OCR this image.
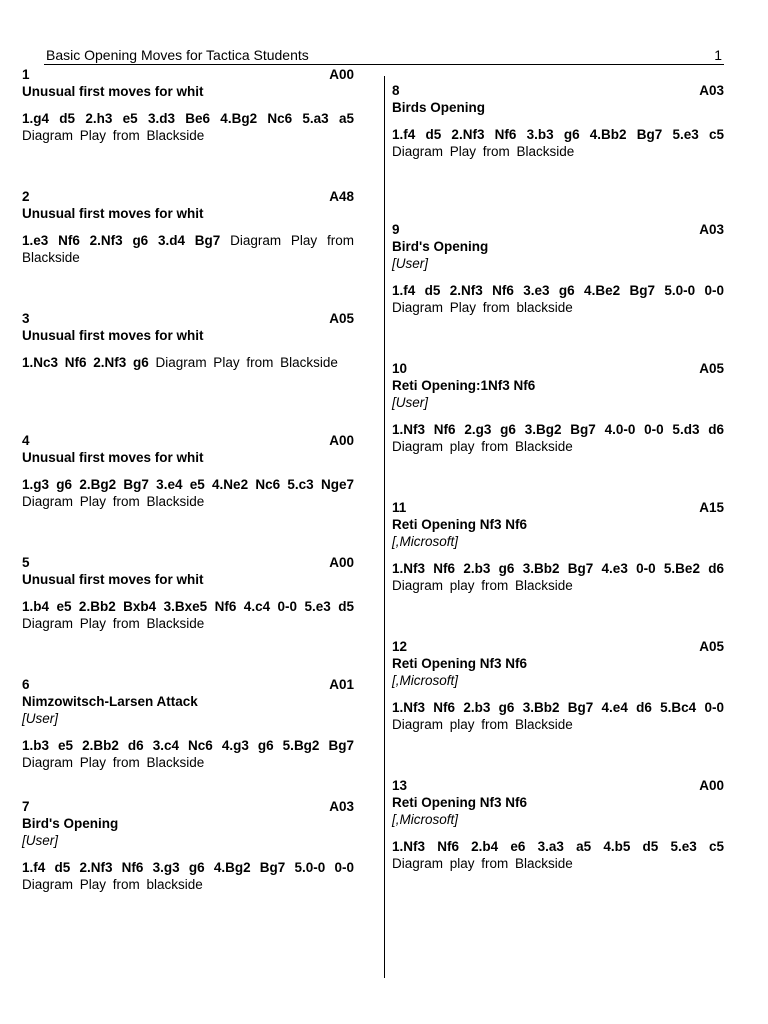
Basic Opening Moves for Tactica Students	1
1	A00
Unusual first moves for whit
1.g4 d5 2.h3 e5 3.d3 Be6 4.Bg2 Nc6 5.a3 a5 Diagram Play from Blackside
2	A48
Unusual first moves for whit
1.e3 Nf6 2.Nf3 g6 3.d4 Bg7 Diagram Play from Blackside
3	A05
Unusual first moves for whit
1.Nc3 Nf6 2.Nf3 g6 Diagram Play from Blackside
4	A00
Unusual first moves for whit
1.g3 g6 2.Bg2 Bg7 3.e4 e5 4.Ne2 Nc6 5.c3 Nge7 Diagram Play from Blackside
5	A00
Unusual first moves for whit
1.b4 e5 2.Bb2 Bxb4 3.Bxe5 Nf6 4.c4 0-0 5.e3 d5 Diagram Play from Blackside
6	A01
Nimzowitsch-Larsen Attack
[User]
1.b3 e5 2.Bb2 d6 3.c4 Nc6 4.g3 g6 5.Bg2 Bg7 Diagram Play from Blackside
7	A03
Bird's Opening
[User]
1.f4 d5 2.Nf3 Nf6 3.g3 g6 4.Bg2 Bg7 5.0-0 0-0 Diagram Play from blackside
8	A03
Birds Opening
1.f4 d5 2.Nf3 Nf6 3.b3 g6 4.Bb2 Bg7 5.e3 c5 Diagram Play from Blackside
9	A03
Bird's Opening
[User]
1.f4 d5 2.Nf3 Nf6 3.e3 g6 4.Be2 Bg7 5.0-0 0-0 Diagram Play from blackside
10	A05
Reti Opening:1Nf3 Nf6
[User]
1.Nf3 Nf6 2.g3 g6 3.Bg2 Bg7 4.0-0 0-0 5.d3 d6 Diagram play from Blackside
11	A15
Reti Opening Nf3 Nf6
[,Microsoft]
1.Nf3 Nf6 2.b3 g6 3.Bb2 Bg7 4.e3 0-0 5.Be2 d6 Diagram play from Blackside
12	A05
Reti Opening Nf3 Nf6
[,Microsoft]
1.Nf3 Nf6 2.b3 g6 3.Bb2 Bg7 4.e4 d6 5.Bc4 0-0 Diagram play from Blackside
13	A00
Reti Opening Nf3 Nf6
[,Microsoft]
1.Nf3 Nf6 2.b4 e6 3.a3 a5 4.b5 d5 5.e3 c5 Diagram play from Blackside
